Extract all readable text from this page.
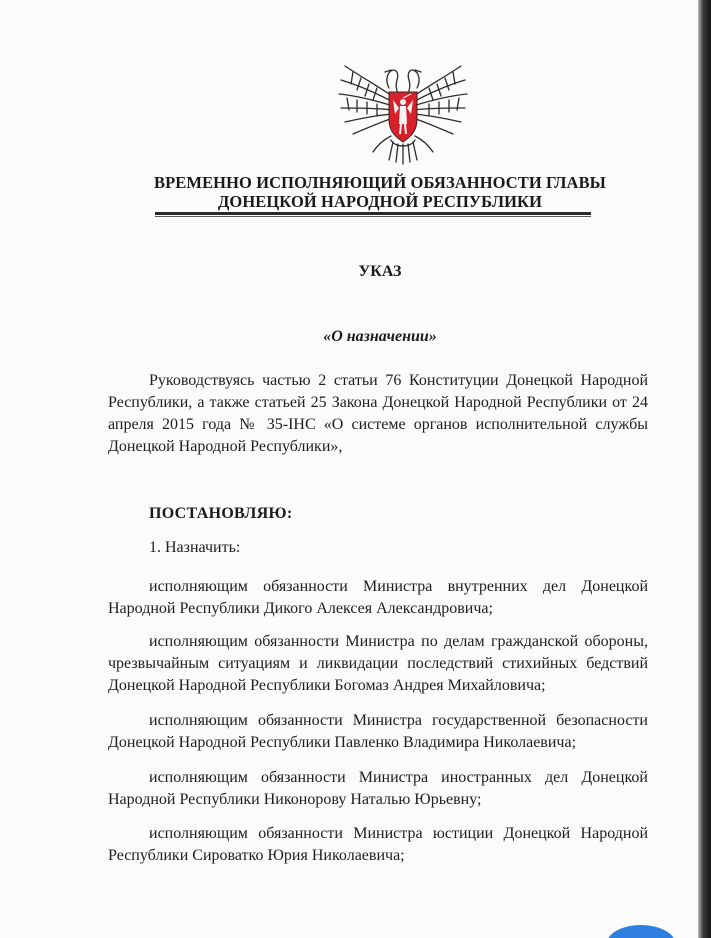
ВРЕМЕННО ИСПОЛНЯЮЩИЙ ОБЯЗАННОСТИ ГЛАВЫ
ДОНЕЦКОЙ НАРОДНОЙ РЕСПУБЛИКИ
УКАЗ
«О назначении»
Руководствуясь частью 2 статьи 76 Конституции Донецкой Народной Республики, а также статьей 25 Закона Донецкой Народной Республики от 24 апреля 2015 года № 35-IНС «О системе органов исполнительной службы Донецкой Народной Республики»,
ПОСТАНОВЛЯЮ:
1. Назначить:
исполняющим обязанности Министра внутренних дел Донецкой Народной Республики Дикого Алексея Александровича;
исполняющим обязанности Министра по делам гражданской обороны, чрезвычайным ситуациям и ликвидации последствий стихийных бедствий Донецкой Народной Республики Богомаз Андрея Михайловича;
исполняющим обязанности Министра государственной безопасности Донецкой Народной Республики Павленко Владимира Николаевича;
исполняющим обязанности Министра иностранных дел Донецкой Народной Республики Никонорову Наталью Юрьевну;
исполняющим обязанности Министра юстиции Донецкой Народной Республики Сироватко Юрия Николаевича;
